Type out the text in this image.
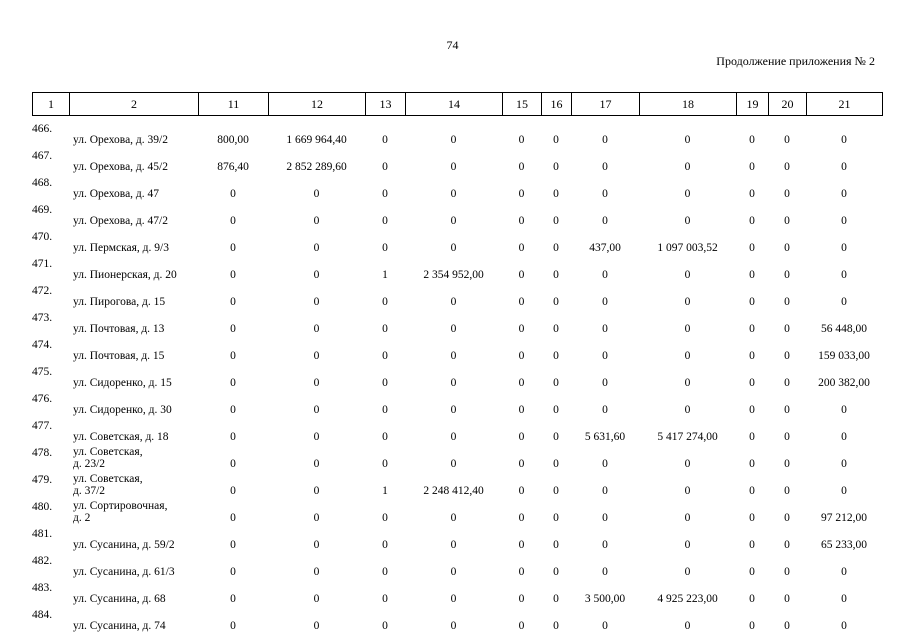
74
Продолжение приложения № 2
1	2	11	12	13	14	15	16	17	18	19	20	21
466.	ул. Орехова, д. 39/2	800,00	1 669 964,40	0	0	0	0	0	0	0	0	0
467.	ул. Орехова, д. 45/2	876,40	2 852 289,60	0	0	0	0	0	0	0	0	0
468.	ул. Орехова, д. 47	0	0	0	0	0	0	0	0	0	0	0
469.	ул. Орехова, д. 47/2	0	0	0	0	0	0	0	0	0	0	0
470.	ул. Пермская, д. 9/3	0	0	0	0	0	0	437,00	1 097 003,52	0	0	0
471.	ул. Пионерская, д. 20	0	0	1	2 354 952,00	0	0	0	0	0	0	0
472.	ул. Пирогова, д. 15	0	0	0	0	0	0	0	0	0	0	0
473.	ул. Почтовая, д. 13	0	0	0	0	0	0	0	0	0	0	56 448,00
474.	ул. Почтовая, д. 15	0	0	0	0	0	0	0	0	0	0	159 033,00
475.	ул. Сидоренко, д. 15	0	0	0	0	0	0	0	0	0	0	200 382,00
476.	ул. Сидоренко, д. 30	0	0	0	0	0	0	0	0	0	0	0
477.	ул. Советская, д. 18	0	0	0	0	0	0	5 631,60	5 417 274,00	0	0	0
478.	ул. Советская,
д. 23/2	0	0	0	0	0	0	0	0	0	0	0
479.	ул. Советская,
д. 37/2	0	0	1	2 248 412,40	0	0	0	0	0	0	0
480.	ул. Сортировочная,
д. 2	0	0	0	0	0	0	0	0	0	0	97 212,00
481.	ул. Сусанина, д. 59/2	0	0	0	0	0	0	0	0	0	0	65 233,00
482.	ул. Сусанина, д. 61/3	0	0	0	0	0	0	0	0	0	0	0
483.	ул. Сусанина, д. 68	0	0	0	0	0	0	3 500,00	4 925 223,00	0	0	0
484.	ул. Сусанина, д. 74	0	0	0	0	0	0	0	0	0	0	0
